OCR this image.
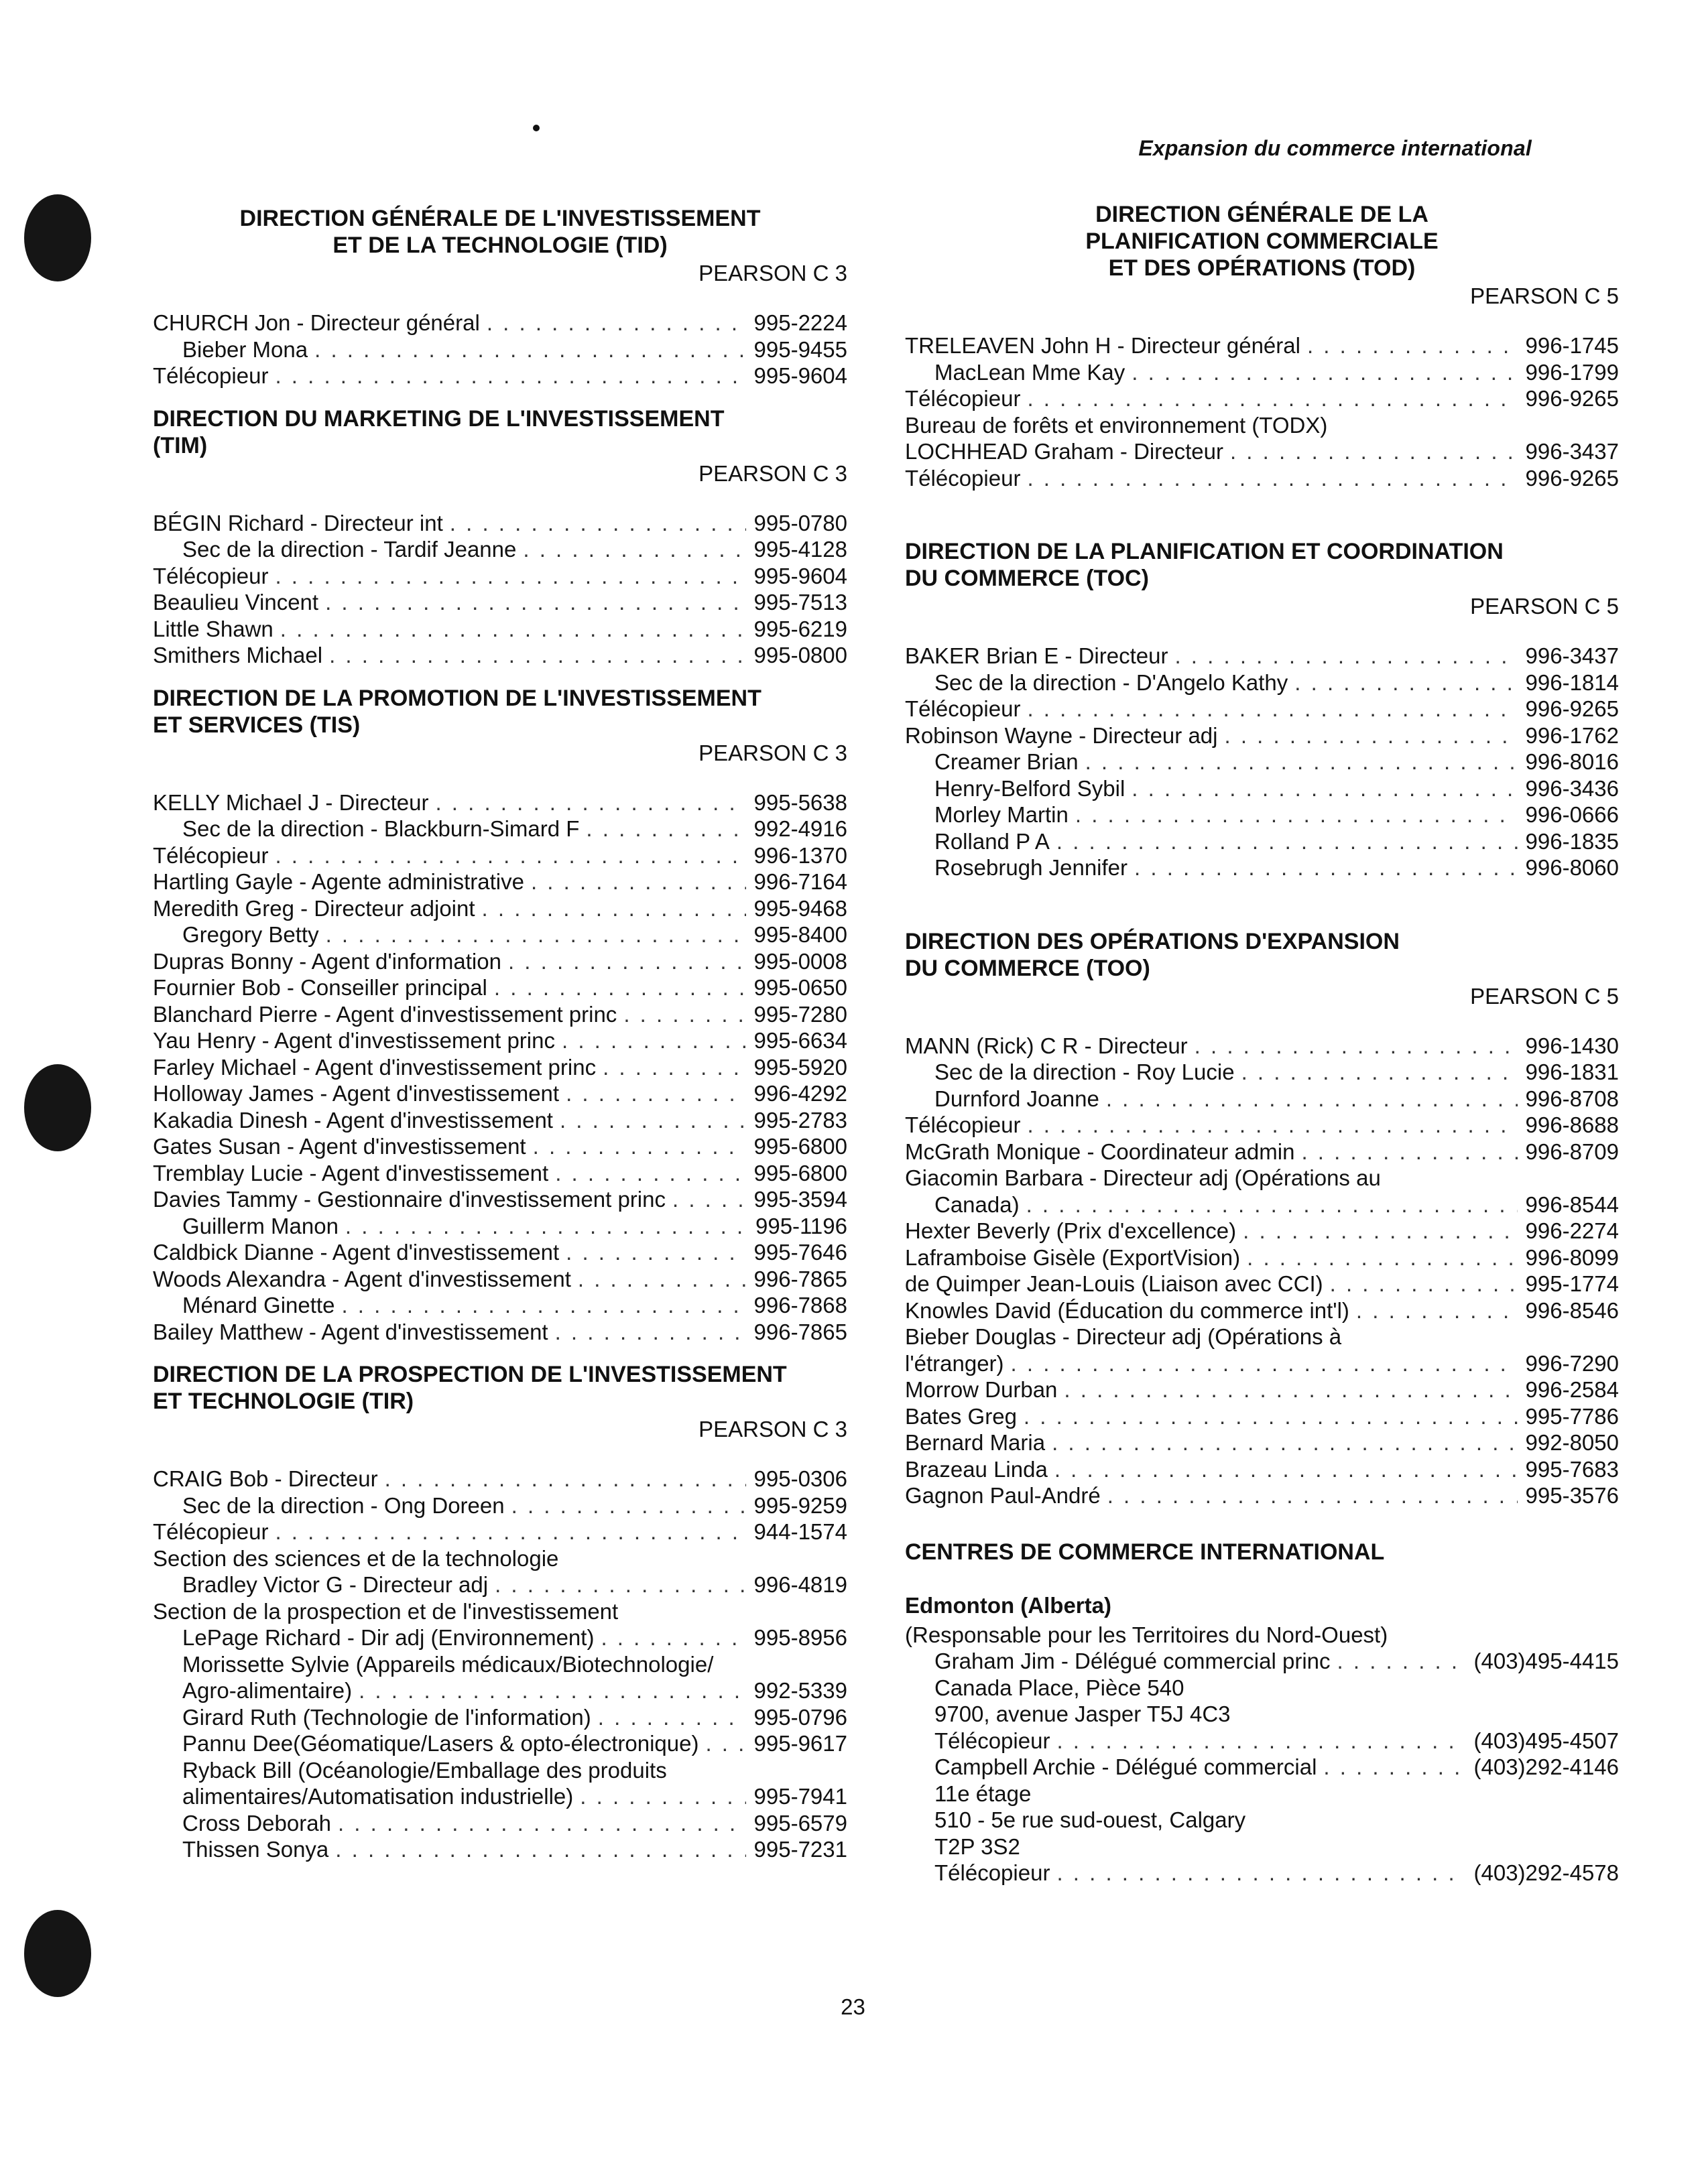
Expansion du commerce international

DIRECTION GÉNÉRALE DE L'INVESTISSEMENT
ET DE LA TECHNOLOGIE (TID)

PEARSON C 3

CHURCH Jon - Directeur général . . .	995-2224
Bieber Mona . . .	995-9455
Télécopieur . . .	995-9604
DIRECTION DU MARKETING DE L'INVESTISSEMENT
(TIM)

PEARSON C 3

BÉGIN Richard - Directeur int . . .	995-0780
Sec de la direction - Tardif Jeanne . . .	995-4128
Télécopieur . . .	995-9604
Beaulieu Vincent . . .	995-7513
Little Shawn . . .	995-6219
Smithers Michael . . .	995-0800
DIRECTION DE LA PROMOTION DE L'INVESTISSEMENT
ET SERVICES (TIS)

PEARSON C 3

KELLY Michael J - Directeur . . .	995-5638
Sec de la direction - Blackburn-Simard F . . .	992-4916
Télécopieur . . .	996-1370
Hartling Gayle - Agente administrative . . .	996-7164
Meredith Greg - Directeur adjoint . . .	995-9468
Gregory Betty . . .	995-8400
Dupras Bonny - Agent d'information . . .	995-0008
Fournier Bob - Conseiller principal . . .	995-0650
Blanchard Pierre - Agent d'investissement princ . . .	995-7280
Yau Henry - Agent d'investissement princ . . .	995-6634
Farley Michael - Agent d'investissement princ . . .	995-5920
Holloway James - Agent d'investissement . . .	996-4292
Kakadia Dinesh - Agent d'investissement . . .	995-2783
Gates Susan - Agent d'investissement . . .	995-6800
Tremblay Lucie - Agent d'investissement . . .	995-6800
Davies Tammy - Gestionnaire d'investissement princ . . .	995-3594
Guillerm Manon . . .	995-1196
Caldbick Dianne - Agent d'investissement . . .	995-7646
Woods Alexandra - Agent d'investissement . . .	996-7865
Ménard Ginette . . .	996-7868
Bailey Matthew - Agent d'investissement . . .	996-7865
DIRECTION DE LA PROSPECTION DE L'INVESTISSEMENT
ET TECHNOLOGIE (TIR)

PEARSON C 3

CRAIG Bob - Directeur . . .	995-0306
Sec de la direction - Ong Doreen . . .	995-9259
Télécopieur . . .	944-1574
Section des sciences et de la technologie
Bradley Victor G - Directeur adj . . .	996-4819
Section de la prospection et de l'investissement
LePage Richard - Dir adj (Environnement) . . .	995-8956
Morissette Sylvie (Appareils médicaux/Biotechnologie/
Agro-alimentaire) . . .	992-5339
Girard Ruth (Technologie de l'information) . . .	995-0796
Pannu Dee(Géomatique/Lasers & opto-électronique) . . . 995-9617
Ryback Bill (Océanologie/Emballage des produits
alimentaires/Automatisation industrielle) . . .	995-7941
Cross Deborah . . .	995-6579
Thissen Sonya . . .	995-7231
DIRECTION GÉNÉRALE DE LA
PLANIFICATION COMMERCIALE
ET DES OPÉRATIONS (TOD)

PEARSON C 5

TRELEAVEN John H - Directeur général . . .	996-1745
MacLean Mme Kay . . .	996-1799
Télécopieur . . .	996-9265
Bureau de forêts et environnement (TODX)
LOCHHEAD Graham - Directeur . . .	996-3437
Télécopieur . . .	996-9265
DIRECTION DE LA PLANIFICATION ET COORDINATION
DU COMMERCE (TOC)

PEARSON C 5

BAKER Brian E - Directeur . . .	996-3437
Sec de la direction - D'Angelo Kathy . . .	996-1814
Télécopieur . . .	996-9265
Robinson Wayne - Directeur adj . . .	996-1762
Creamer Brian . . .	996-8016
Henry-Belford Sybil . . .	996-3436
Morley Martin . . .	996-0666
Rolland P A . . .	996-1835
Rosebrugh Jennifer . . .	996-8060
DIRECTION DES OPÉRATIONS D'EXPANSION
DU COMMERCE (TOO)

PEARSON C 5

MANN (Rick) C R - Directeur . . .	996-1430
Sec de la direction - Roy Lucie . . .	996-1831
Durnford Joanne . . .	996-8708
Télécopieur . . .	996-8688
McGrath Monique - Coordinateur admin . . .	996-8709
Giacomin Barbara - Directeur adj (Opérations au
Canada) . . .	996-8544
Hexter Beverly (Prix d'excellence) . . .	996-2274
Laframboise Gisèle (ExportVision) . . .	996-8099
de Quimper Jean-Louis (Liaison avec CCI) . . .	995-1774
Knowles David (Éducation du commerce int'l) . . .	996-8546
Bieber Douglas - Directeur adj (Opérations à
l'étranger) . . .	996-7290
Morrow Durban . . .	996-2584
Bates Greg . . .	995-7786
Bernard Maria . . .	992-8050
Brazeau Linda . . .	995-7683
Gagnon Paul-André . . .	995-3576
CENTRES DE COMMERCE INTERNATIONAL
Edmonton (Alberta)
(Responsable pour les Territoires du Nord-Ouest)
Graham Jim - Délégué commercial princ . . .	(403)495-4415
Canada Place, Pièce 540
9700, avenue Jasper T5J 4C3
Télécopieur . . .	(403)495-4507
Campbell Archie - Délégué commercial . . .	(403)292-4146
11e étage
510 - 5e rue sud-ouest, Calgary
T2P 3S2
Télécopieur . . .	(403)292-4578

23
